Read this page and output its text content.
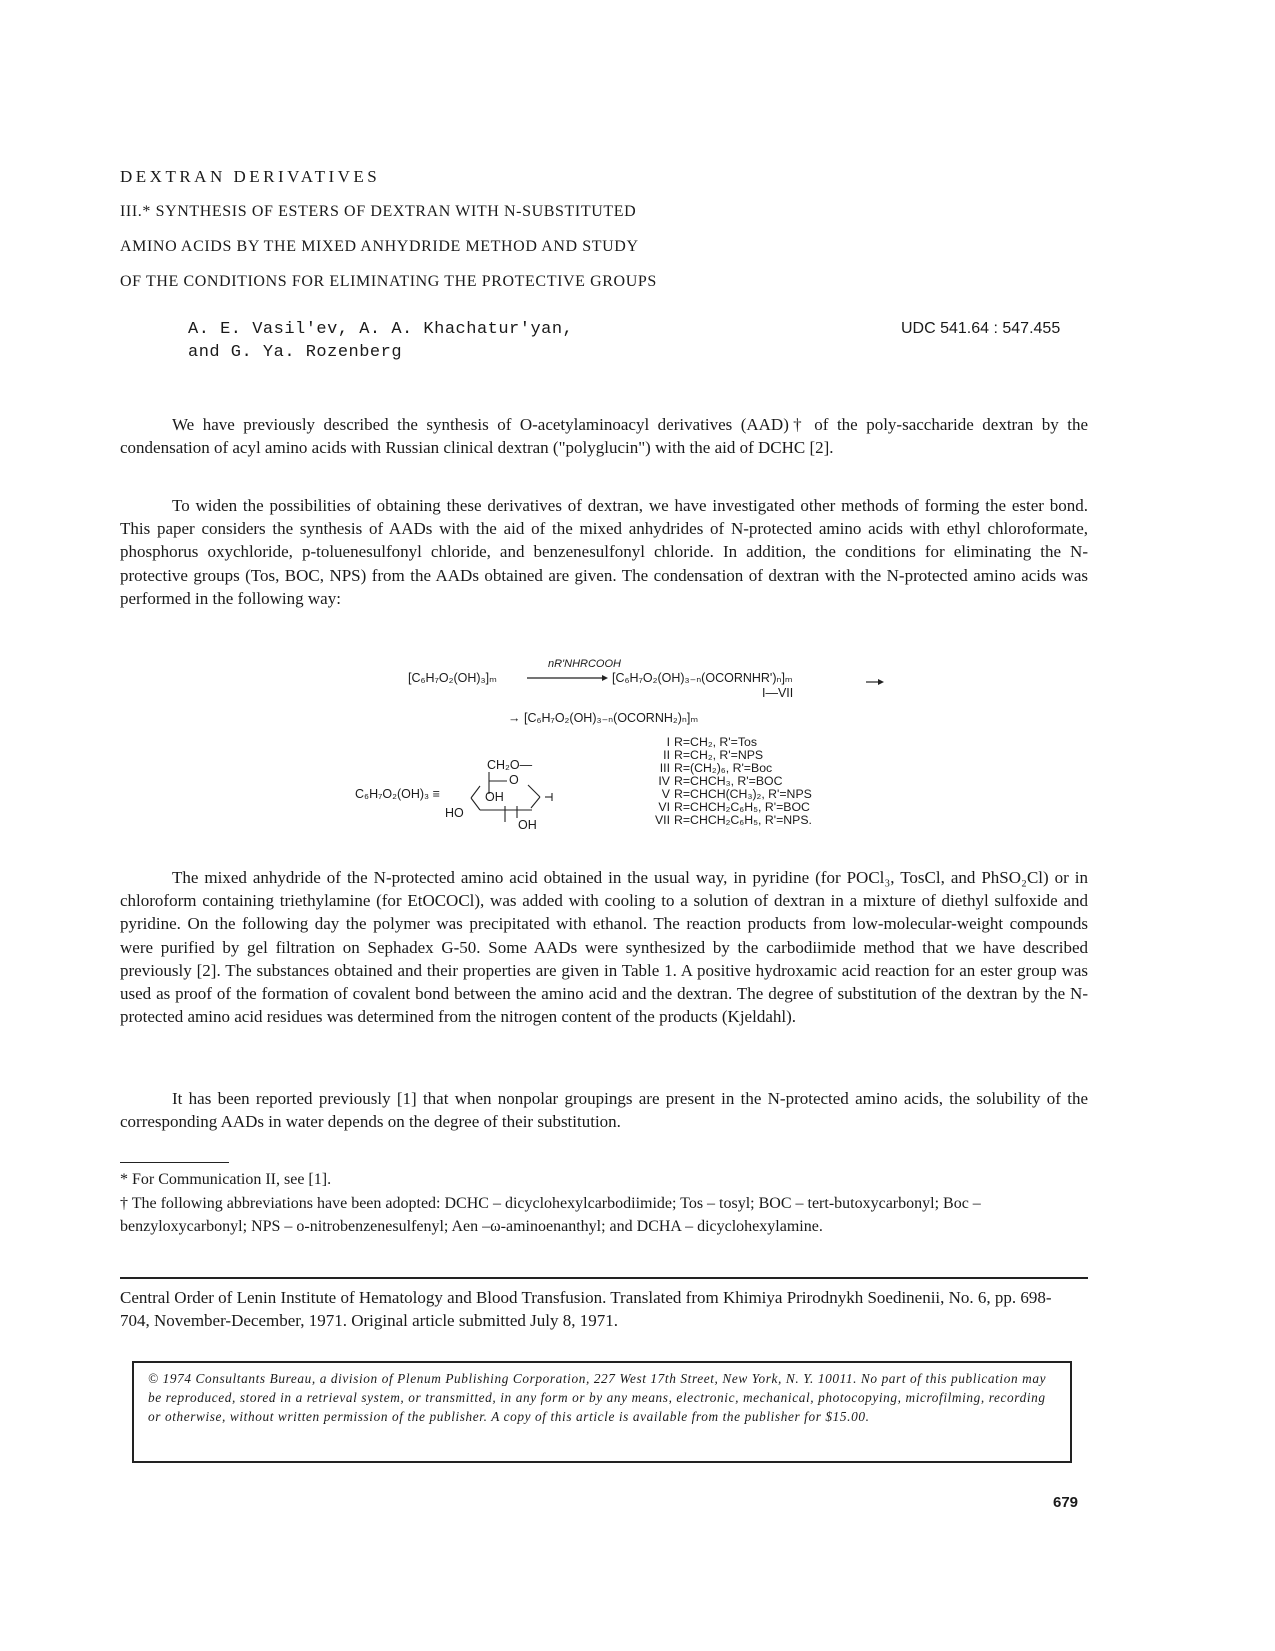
DEXTRAN DERIVATIVES
III.* SYNTHESIS OF ESTERS OF DEXTRAN WITH N-SUBSTITUTED
AMINO ACIDS BY THE MIXED ANHYDRIDE METHOD AND STUDY
OF THE CONDITIONS FOR ELIMINATING THE PROTECTIVE GROUPS
A. E. Vasil'ev, A. A. Khachatur'yan,
and G. Ya. Rozenberg
UDC 541.64 : 547.455
We have previously described the synthesis of O-acetylaminoacyl derivatives (AAD)† of the poly-saccharide dextran by the condensation of acyl amino acids with Russian clinical dextran ("polyglucin") with the aid of DCHC [2].
To widen the possibilities of obtaining these derivatives of dextran, we have investigated other methods of forming the ester bond. This paper considers the synthesis of AADs with the aid of the mixed anhydrides of N-protected amino acids with ethyl chloroformate, phosphorus oxychloride, p-toluenesulfonyl chloride, and benzenesulfonyl chloride. In addition, the conditions for eliminating the N-protective groups (Tos, BOC, NPS) from the AADs obtained are given. The condensation of dextran with the N-protected amino acids was performed in the following way:
nR'NHRCOOH
[C₆H₇O₂(OH)₃]ₘ	[C₆H₇O₂(OH)₃₋ₙ(OCORNHR')ₙ]ₘ
I—VII
→ [C₆H₇O₂(OH)₃₋ₙ(OCORNH₂)ₙ]ₘ
C₆H₇O₂(OH)₃ ≡
CH₂O—
O
OH
HO
OH
I R=CH₂, R'=Tos
II R=CH₂, R'=NPS
III R=(CH₂)₆, R'=Boc
IV R=CHCH₃, R'=BOC
V R=CHCH(CH₃)₂, R'=NPS
VI R=CHCH₂C₆H₅, R'=BOC
VII R=CHCH₂C₆H₅, R'=NPS.
The mixed anhydride of the N-protected amino acid obtained in the usual way, in pyridine (for POCl₃, TosCl, and PhSO₂Cl) or in chloroform containing triethylamine (for EtOCOCl), was added with cooling to a solution of dextran in a mixture of diethyl sulfoxide and pyridine. On the following day the polymer was precipitated with ethanol. The reaction products from low-molecular-weight compounds were purified by gel filtration on Sephadex G-50. Some AADs were synthesized by the carbodiimide method that we have described previously [2]. The substances obtained and their properties are given in Table 1. A positive hydroxamic acid reaction for an ester group was used as proof of the formation of covalent bond between the amino acid and the dextran. The degree of substitution of the dextran by the N-protected amino acid residues was determined from the nitrogen content of the products (Kjeldahl).
It has been reported previously [1] that when nonpolar groupings are present in the N-protected amino acids, the solubility of the corresponding AADs in water depends on the degree of their substitution.
* For Communication II, see [1].
† The following abbreviations have been adopted: DCHC – dicyclohexylcarbodiimide; Tos – tosyl; BOC – tert-butoxycarbonyl; Boc – benzyloxycarbonyl; NPS – o-nitrobenzenesulfenyl; Aen –ω-aminoenanthyl; and DCHA – dicyclohexylamine.
Central Order of Lenin Institute of Hematology and Blood Transfusion. Translated from Khimiya Prirodnykh Soedinenii, No. 6, pp. 698-704, November-December, 1971. Original article submitted July 8, 1971.
© 1974 Consultants Bureau, a division of Plenum Publishing Corporation, 227 West 17th Street, New York, N. Y. 10011. No part of this publication may be reproduced, stored in a retrieval system, or transmitted, in any form or by any means, electronic, mechanical, photocopying, microfilming, recording or otherwise, without written permission of the publisher. A copy of this article is available from the publisher for $15.00.
679
